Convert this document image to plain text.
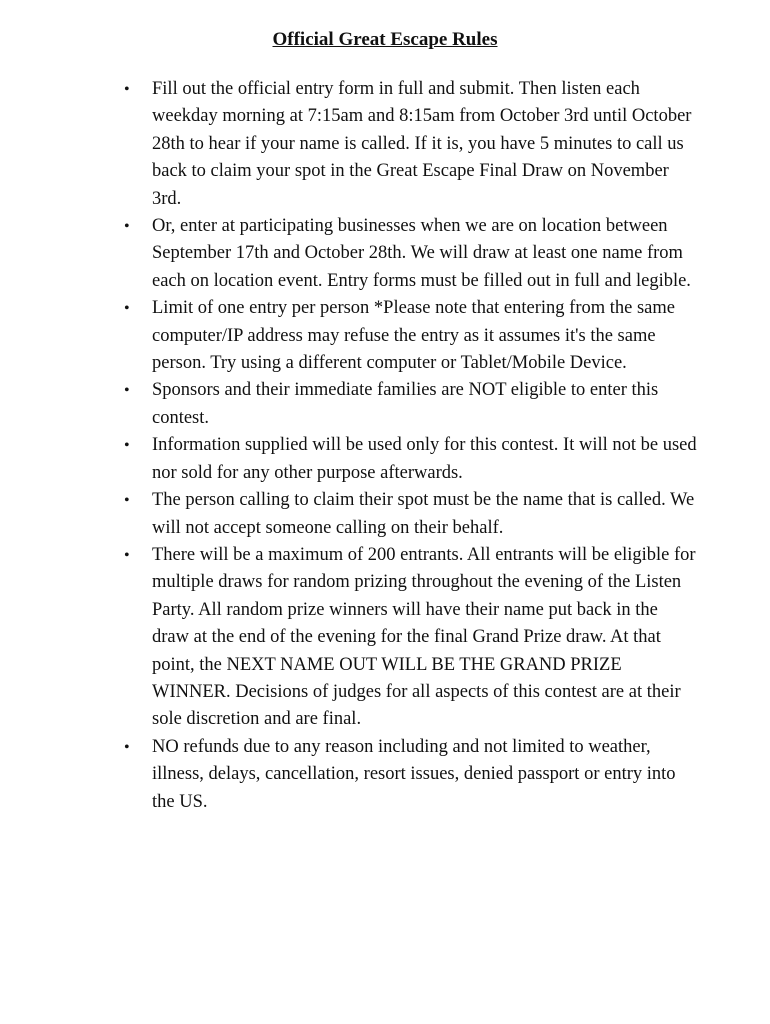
Official Great Escape Rules
• Fill out the official entry form in full and submit. Then listen each weekday morning at 7:15am and 8:15am from October 3rd until October 28th to hear if your name is called. If it is, you have 5 minutes to call us back to claim your spot in the Great Escape Final Draw on November 3rd.
• Or, enter at participating businesses when we are on location between September 17th and October 28th. We will draw at least one name from each on location event. Entry forms must be filled out in full and legible.
• Limit of one entry per person *Please note that entering from the same computer/IP address may refuse the entry as it assumes it's the same person. Try using a different computer or Tablet/Mobile Device.
• Sponsors and their immediate families are NOT eligible to enter this contest.
• Information supplied will be used only for this contest. It will not be used nor sold for any other purpose afterwards.
• The person calling to claim their spot must be the name that is called. We will not accept someone calling on their behalf.
• There will be a maximum of 200 entrants. All entrants will be eligible for multiple draws for random prizing throughout the evening of the Listen Party. All random prize winners will have their name put back in the draw at the end of the evening for the final Grand Prize draw. At that point, the NEXT NAME OUT WILL BE THE GRAND PRIZE WINNER. Decisions of judges for all aspects of this contest are at their sole discretion and are final.
• NO refunds due to any reason including and not limited to weather, illness, delays, cancellation, resort issues, denied passport or entry into the US.
